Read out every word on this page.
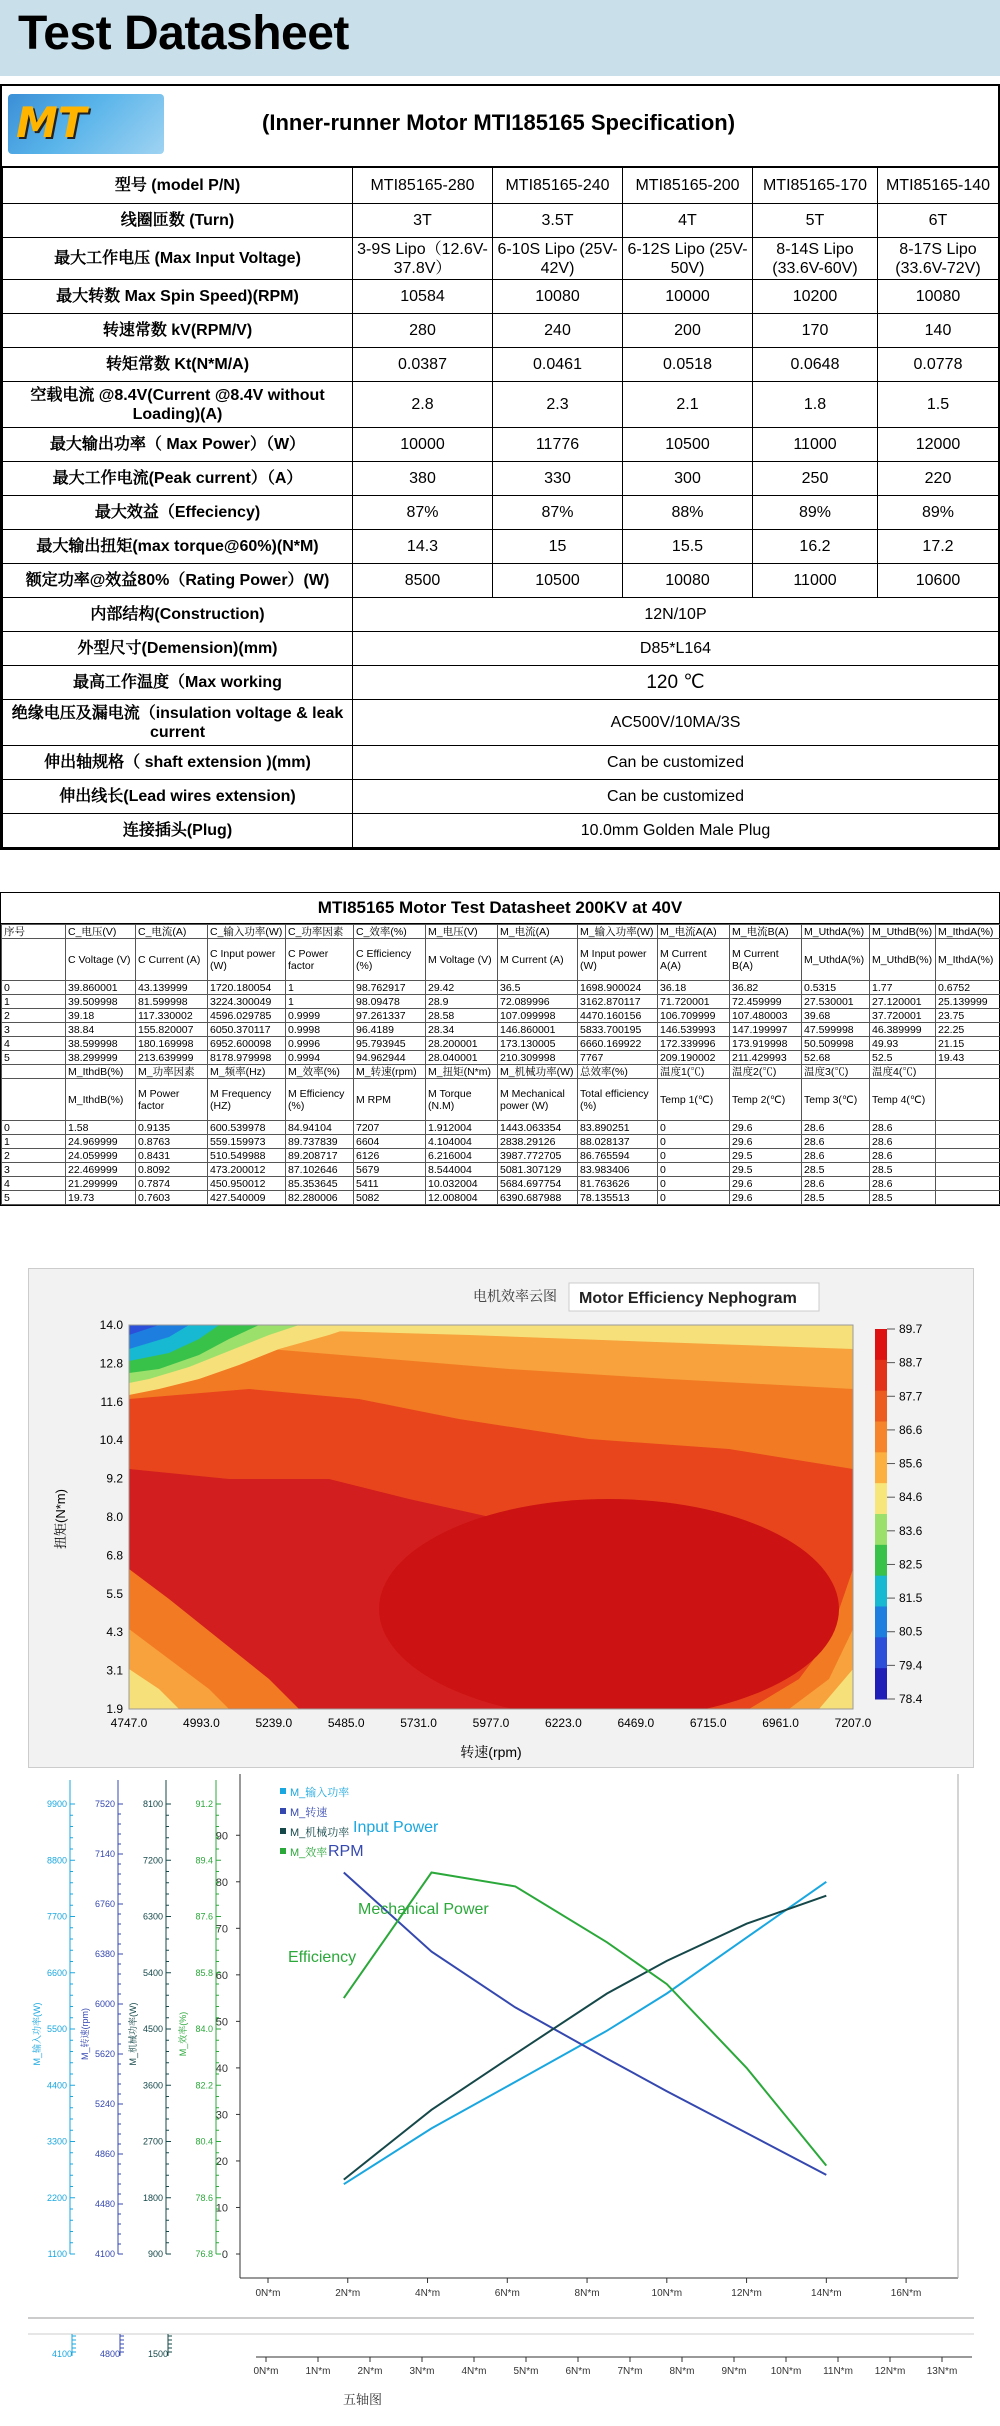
Test Datasheet
MT	(Inner-runner Motor MTI185165 Specification)
型号 (model P/N)	MTI85165-280	MTI85165-240	MTI85165-200	MTI85165-170	MTI85165-140
线圈匝数 (Turn)	3T	3.5T	4T	5T	6T
最大工作电压 (Max Input Voltage)	3-9S Lipo（12.6V-37.8V）	6-10S Lipo (25V-42V)	6-12S Lipo (25V-50V)	8-14S Lipo (33.6V-60V)	8-17S Lipo (33.6V-72V)
最大转数 Max Spin Speed)(RPM)	10584	10080	10000	10200	10080
转速常数 kV(RPM/V)	280	240	200	170	140
转矩常数 Kt(N*M/A)	0.0387	0.0461	0.0518	0.0648	0.0778
空载电流 @8.4V(Current @8.4V without Loading)(A)	2.8	2.3	2.1	1.8	1.5
最大输出功率（ Max Power）（W）	10000	11776	10500	11000	12000
最大工作电流(Peak current）（A）	380	330	300	250	220
最大效益（Effeciency)	87%	87%	88%	89%	89%
最大输出扭矩(max torque@60%)(N*M)	14.3	15	15.5	16.2	17.2
额定功率@效益80%（Rating Power）(W)	8500	10500	10080	11000	10600
内部结构(Construction)	12N/10P				
外型尺寸(Demension)(mm)	D85*L164				
最高工作温度（Max working	120 ℃				
绝缘电压及漏电流（insulation voltage & leak current	AC500V/10MA/3S				
伸出轴规格（ shaft extension )(mm)	Can be customized				
伸出线长(Lead wires extension)	Can be customized				
连接插头(Plug)	10.0mm Golden Male Plug				
MTI85165 Motor Test Datasheet 200KV at 40V
序号	C_电压(V)	C_电流(A)	C_输入功率(W)	C_功率因素	C_效率(%)	M_电压(V)	M_电流(A)	M_输入功率(W)	M_电流A(A)	M_电流B(A)	M_UthdA(%)	M_UthdB(%)	M_IthdA(%)
	C Voltage (V)	C Current (A)	C Input power (W)	C Power factor	C Efficiency (%)	M Voltage (V)	M Current (A)	M Input power (W)	M Current A(A)	M Current B(A)	M_UthdA(%)	M_UthdB(%)	M_IthdA(%)
0	39.860001	43.139999	1720.180054	1	98.762917	29.42	36.5	1698.900024	36.18	36.82	0.5315	1.77	0.6752
1	39.509998	81.599998	3224.300049	1	98.09478	28.9	72.089996	3162.870117	71.720001	72.459999	27.530001	27.120001	25.139999
2	39.18	117.330002	4596.029785	0.9999	97.261337	28.58	107.099998	4470.160156	106.709999	107.480003	39.68	37.720001	23.75
3	38.84	155.820007	6050.370117	0.9998	96.4189	28.34	146.860001	5833.700195	146.539993	147.199997	47.599998	46.389999	22.25
4	38.599998	180.169998	6952.600098	0.9996	95.793945	28.200001	173.130005	6660.169922	172.339996	173.919998	50.509998	49.93	21.15
5	38.299999	213.639999	8178.979998	0.9994	94.962944	28.040001	210.309998	7767	209.190002	211.429993	52.68	52.5	19.43
	M_IthdB(%)	M_功率因素	M_频率(Hz)	M_效率(%)	M_转速(rpm)	M_扭矩(N*m)	M_机械功率(W)	总效率(%)	温度1(℃)	温度2(℃)	温度3(℃)	温度4(℃)	
	M_IthdB(%)	M Power factor	M Frequency (HZ)	M Efficiency (%)	M RPM	M Torque (N.M)	M Mechanical power (W)	Total efficiency (%)	Temp 1(℃)	Temp 2(℃)	Temp 3(℃)	Temp 4(℃)	
0	1.58	0.9135	600.539978	84.94104	7207	1.912004	1443.063354	83.890251	0	29.6	28.6	28.6	
1	24.969999	0.8763	559.159973	89.737839	6604	4.104004	2838.29126	88.028137	0	29.6	28.6	28.6	
2	24.059999	0.8431	510.549988	89.208717	6126	6.216004	3987.772705	86.765594	0	29.5	28.6	28.6	
3	22.469999	0.8092	473.200012	87.102646	5679	8.544004	5081.307129	83.983406	0	29.5	28.5	28.5	
4	21.299999	0.7874	450.950012	85.353645	5411	10.032004	5684.697754	81.763626	0	29.6	28.6	28.6	
5	19.73	0.7603	427.540009	82.280006	5082	12.008004	6390.687988	78.135513	0	29.6	28.5	28.5	
电机效率云图 Motor Efficiency Nephogram
14.0
12.8
11.6
10.4
9.2
8.0
6.8
5.5
4.3
3.1
1.9
4747.0	4993.0	5239.0	5485.0	5731.0	5977.0	6223.0	6469.0	6715.0	6961.0	7207.0
扭矩(N*m)
转速(rpm)
89.7
88.7
87.7
86.6
85.6
84.6
83.6
82.5
81.5
80.5
79.4
78.4
0
10
20
30
40
50
60
70
80
90
0N*m	2N*m	4N*m	6N*m	8N*m	10N*m	12N*m	14N*m	16N*m
9900
8800
7700
6600
5500
4400
3300
2200
1100
M_输入功率(W)
7520
7140
6760
6380
6000
5620
5240
4860
4480
4100
M_转速(rpm)
8100
7200
6300
5400
4500
3600
2700
1800
900
M_机械功率(W)
91.2
89.4
87.6
85.8
84.0
82.2
80.4
78.6
76.8
M_效率(%)
M_输入功率
M_转速
M_机械功率
M_效率
Input Power
RPM
Mechanical Power
Efficiency
0N*m	1N*m	2N*m	3N*m	4N*m	5N*m	6N*m	7N*m	8N*m	9N*m 10N*m 11N*m 12N*m 13N*m
4100	4800	1500
五轴图
